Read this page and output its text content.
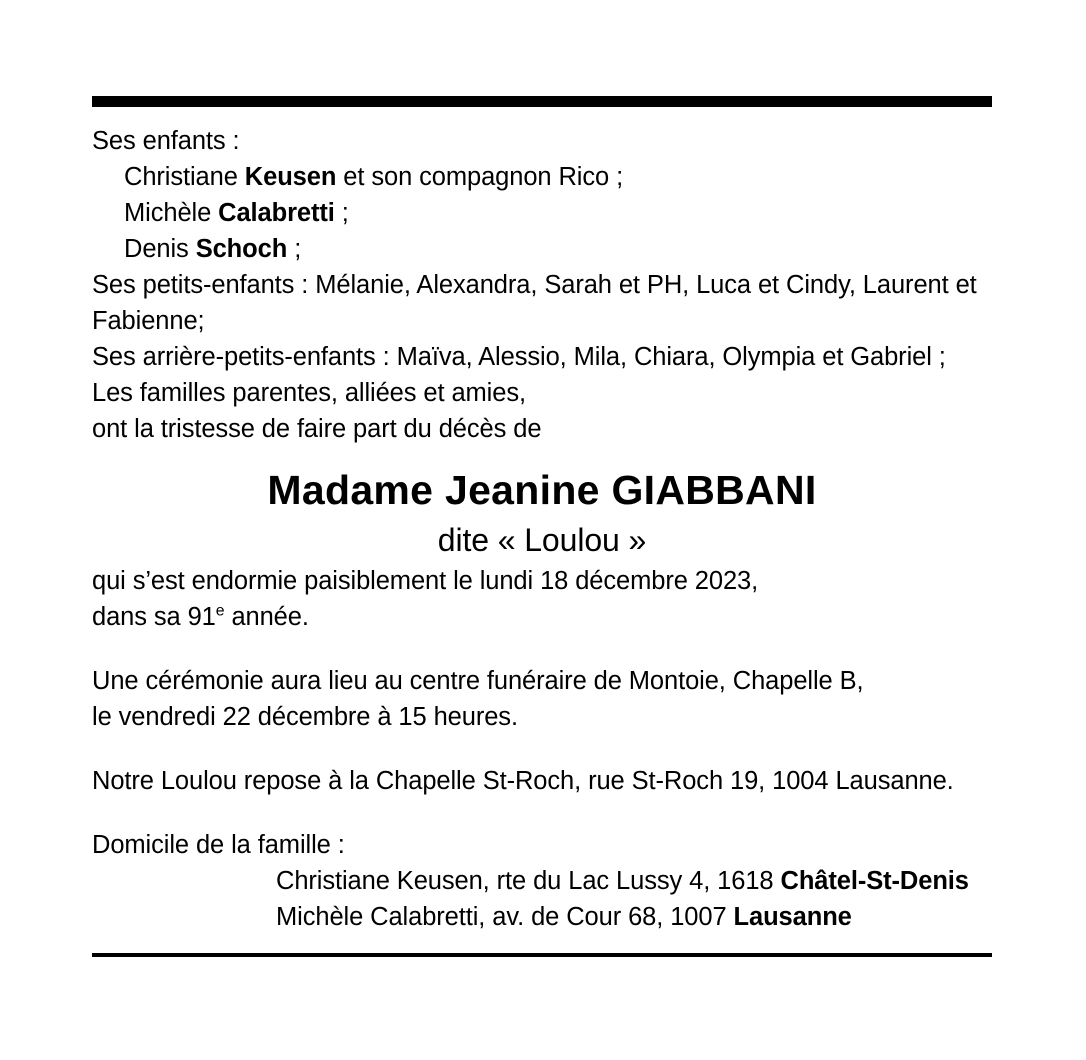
Ses enfants :
Christiane Keusen et son compagnon Rico ;
Michèle Calabretti ;
Denis Schoch ;
Ses petits-enfants : Mélanie, Alexandra, Sarah et PH, Luca et Cindy, Laurent et Fabienne;
Ses arrière-petits-enfants : Maïva, Alessio, Mila, Chiara, Olympia et Gabriel ;
Les familles parentes, alliées et amies,
ont la tristesse de faire part du décès de
Madame Jeanine GIABBANI
dite « Loulou »
qui s’est endormie paisiblement le lundi 18 décembre 2023,
dans sa 91e année.
Une cérémonie aura lieu au centre funéraire de Montoie, Chapelle B,
le vendredi 22 décembre à 15 heures.
Notre Loulou repose à la Chapelle St-Roch, rue St-Roch 19, 1004 Lausanne.
Domicile de la famille :
Christiane Keusen, rte du Lac Lussy 4, 1618 Châtel-St-Denis
Michèle Calabretti, av. de Cour 68, 1007 Lausanne
